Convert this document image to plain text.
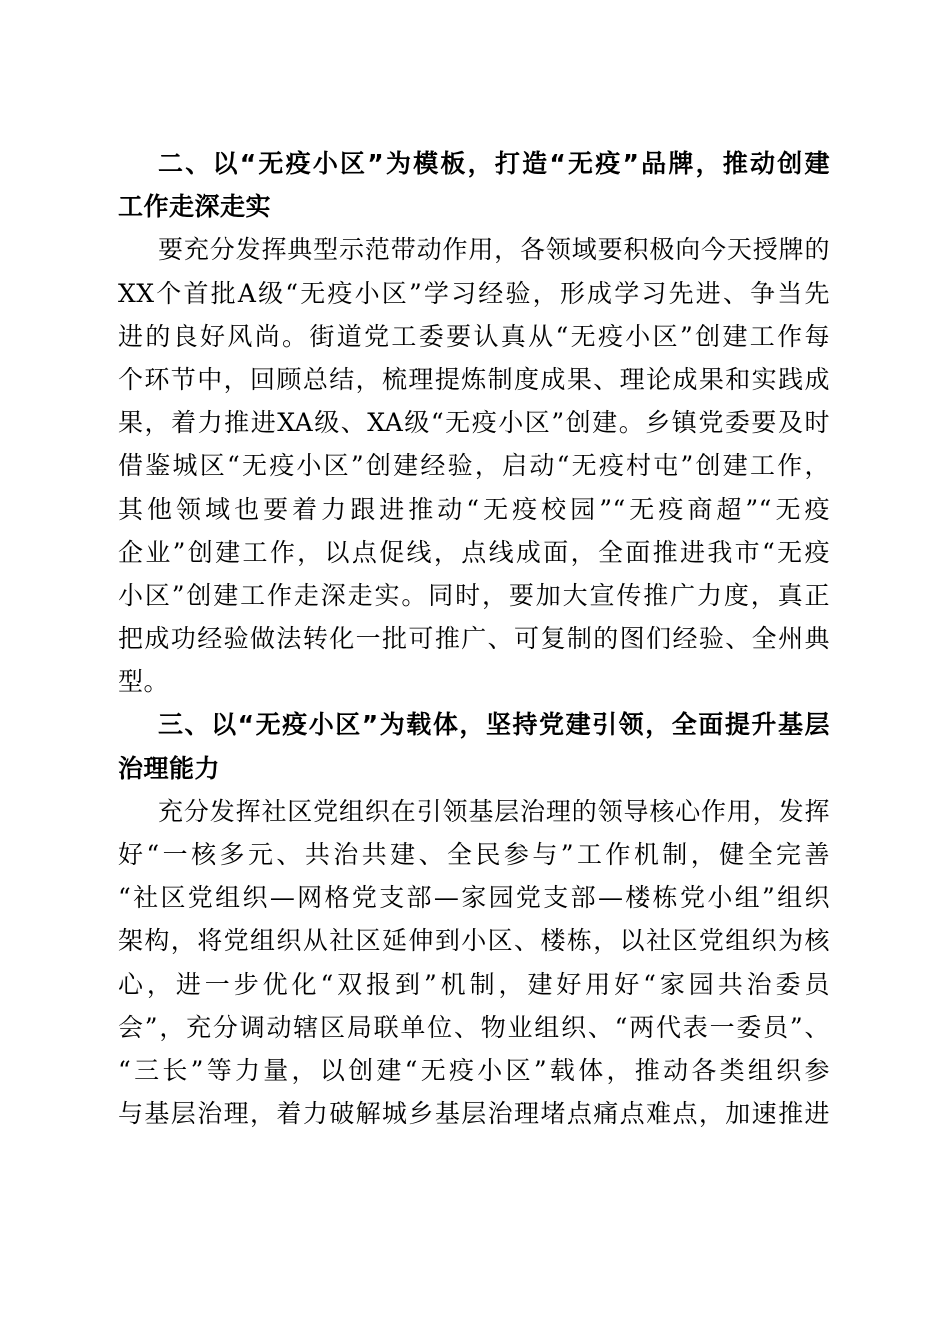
二、以“无疫小区”为模板，打造“无疫”品牌，推动创建
工作走深走实
要充分发挥典型示范带动作用，各领域要积极向今天授牌的
XX个首批A级“无疫小区”学习经验，形成学习先进、争当先
进的良好风尚。街道党工委要认真从“无疫小区”创建工作每
个环节中，回顾总结，梳理提炼制度成果、理论成果和实践成
果，着力推进XA级、XA级“无疫小区”创建。乡镇党委要及时
借鉴城区“无疫小区”创建经验，启动“无疫村屯”创建工作，
其他领域也要着力跟进推动“无疫校园”“无疫商超”“无疫
企业”创建工作，以点促线，点线成面，全面推进我市“无疫
小区”创建工作走深走实。同时，要加大宣传推广力度，真正
把成功经验做法转化一批可推广、可复制的图们经验、全州典
型。
三、以“无疫小区”为载体，坚持党建引领，全面提升基层
治理能力
充分发挥社区党组织在引领基层治理的领导核心作用，发挥
好“一核多元、共治共建、全民参与”工作机制，健全完善
“社区党组织—网格党支部—家园党支部—楼栋党小组”组织
架构，将党组织从社区延伸到小区、楼栋，以社区党组织为核
心，进一步优化“双报到”机制，建好用好“家园共治委员
会”，充分调动辖区局联单位、物业组织、“两代表一委员”、
“三长”等力量，以创建“无疫小区”载体，推动各类组织参
与基层治理，着力破解城乡基层治理堵点痛点难点，加速推进
